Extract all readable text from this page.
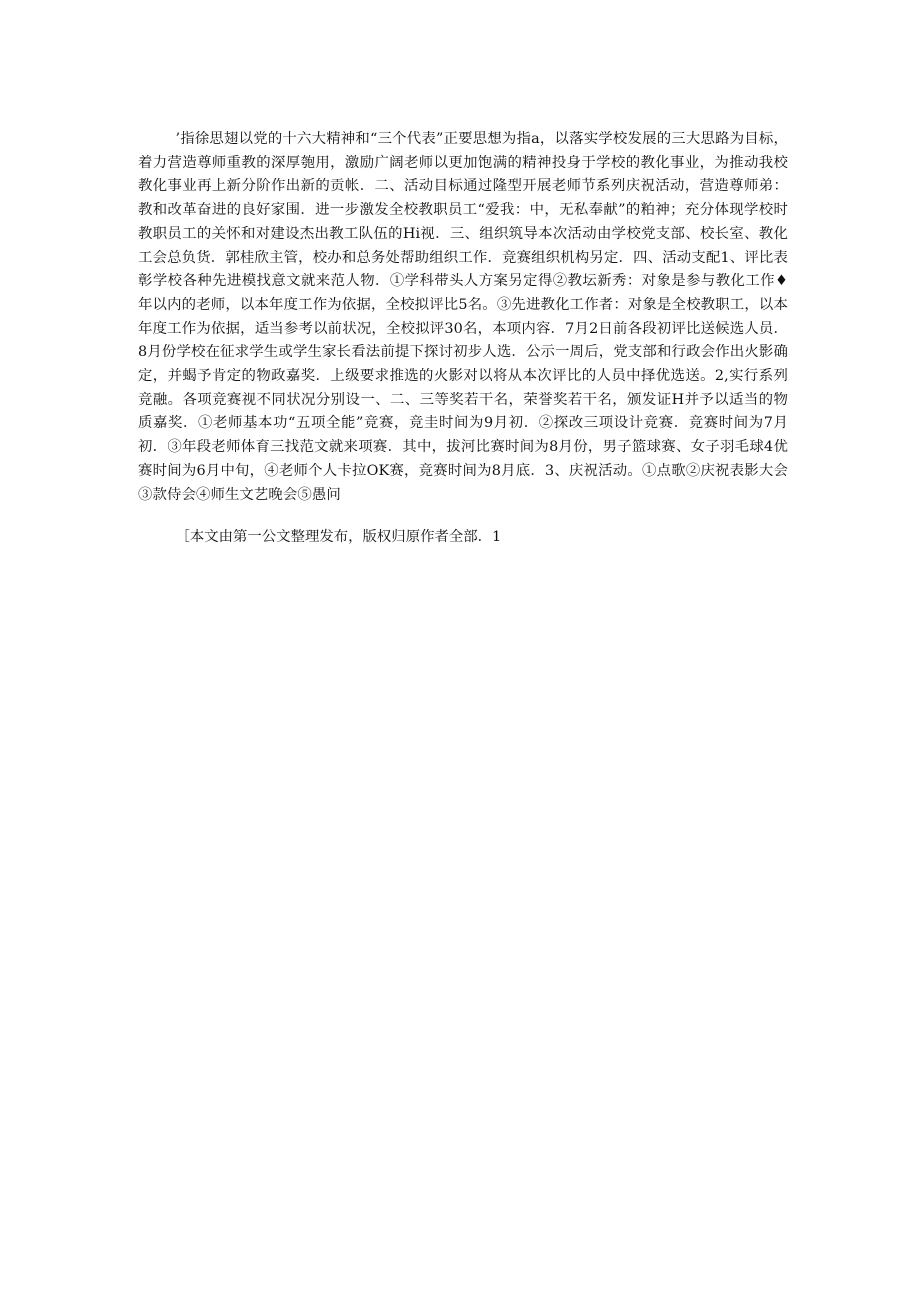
’指徐思翅以党的十六大精神和“三个代表”正要思想为指a，以落实学校发展的三大思路为目标，着力营造尊师重教的深厚匏用，激励广阔老师以更加饱满的精神投身于学校的教化事业，为推动我校教化事业再上新分阶作出新的贡帐．二、活动目标通过隆型开展老师节系列庆祝活动，营造尊师弟：教和改革奋进的良好家围．进一步激发全校教职员工“爱我：中，无私奉献”的粕神；充分体现学校时教职员工的关怀和对建设杰出教工队伍的Hi视．三、组织筑导本次活动由学校党支部、校长室、教化工会总负货．郭桂欣主管，校办和总务处帮助组织工作．竞赛组织机构另定．四、活动支配1、评比表彰学校各种先进模找意文就来范人物．①学科带头人方案另定得②教坛新秀：对象是参与教化工作♦年以内的老师，以本年度工作为依据，全校拟评比5名。③先进教化工作者：对象是全校教职工，以本年度工作为依据，适当参考以前状况，全校拟评30名，本项内容．7月2日前各段初评比送候选人员．8月份学校在征求学生或学生家长看法前提下探讨初步人选．公示一周后，党支部和行政会作出火影确定，并蝎予肯定的物政嘉奖．上级要求推选的火影对以将从本次评比的人员中择优选送。2,实行系列竞融。各项竞赛视不同状况分别设一、二、三等奖若干名，荣誉奖若干名，颁发证H并予以适当的物质嘉奖．①老师基本功“五项全能”竞赛，竞圭时间为9月初．②探改三项设计竞赛．竞赛时间为7月初．③年段老师体育三找范文就来项赛．其中，拔河比赛时间为8月份，男子篮球赛、女子羽毛球4优赛时间为6月中旬，④老师个人卡拉OK赛，竞赛时间为8月底．3、庆祝活动。①点歌②庆祝表影大会③款侍会④师生文艺晚会⑤愚问

［本文由第一公文整理发布，版权归原作者全部．1
